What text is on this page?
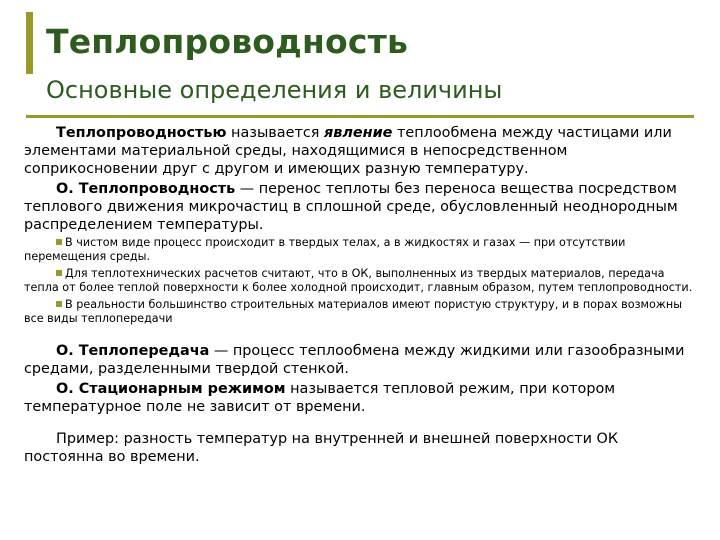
Теплопроводность
Основные определения и величины

Теплопроводностью называется явление теплообмена между частицами или элементами материальной среды, находящимися в непосредственном соприкосновении друг с другом и имеющих разную температуру.

О. Теплопроводность — перенос теплоты без переноса вещества посредством теплового движения микрочастиц в сплошной среде, обусловленный неоднородным распределением температуры.

В чистом виде процесс происходит в твердых телах, а в жидкостях и газах — при отсутствии перемещения среды.

Для теплотехнических расчетов считают, что в ОК, выполненных из твердых материалов, передача тепла от более теплой поверхности к более холодной происходит, главным образом, путем теплопроводности.

В реальности большинство строительных материалов имеют пористую структуру, и в порах возможны все виды теплопередачи

О. Теплопередача — процесс теплообмена между жидкими или газообразными средами, разделенными твердой стенкой.

О. Стационарным режимом называется тепловой режим, при котором температурное поле не зависит от времени.

Пример: разность температур на внутренней и внешней поверхности ОК постоянна во времени.
